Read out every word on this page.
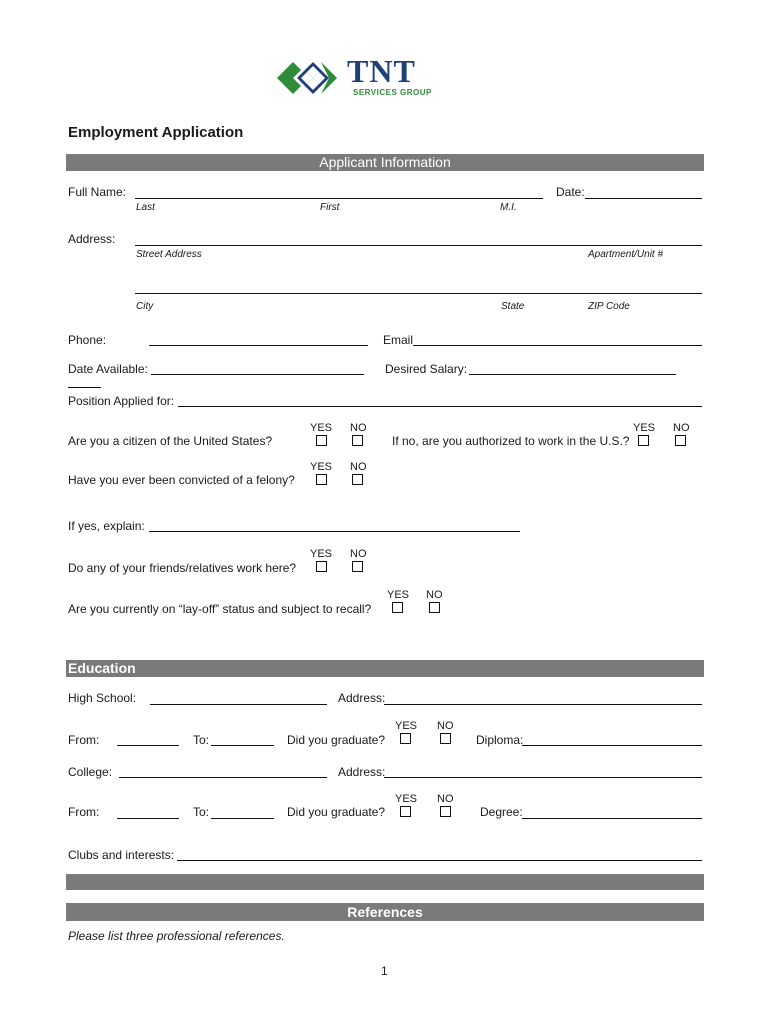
TNT
SERVICES GROUP
Employment Application
Applicant Information
Full Name:
Last	First	M.I.
Date:
Address:
Street Address	Apartment/Unit #
City	State	ZIP Code
Phone:	Email
Date Available:	Desired Salary:
Position Applied for:
Are you a citizen of the United States?
YES NO
If no, are you authorized to work in the U.S.?
YES NO
Have you ever been convicted of a felony?
YES NO
If yes, explain:
Do any of your friends/relatives work here?
YES NO
Are you currently on “lay-off” status and subject to recall?
YES NO
Education
High School:	Address:
From:	To:	Did you graduate?
YES NO
Diploma:
College:	Address:
From:	To:	Did you graduate?
YES NO
Degree:
Clubs and interests:
References
Please list three professional references.
1
